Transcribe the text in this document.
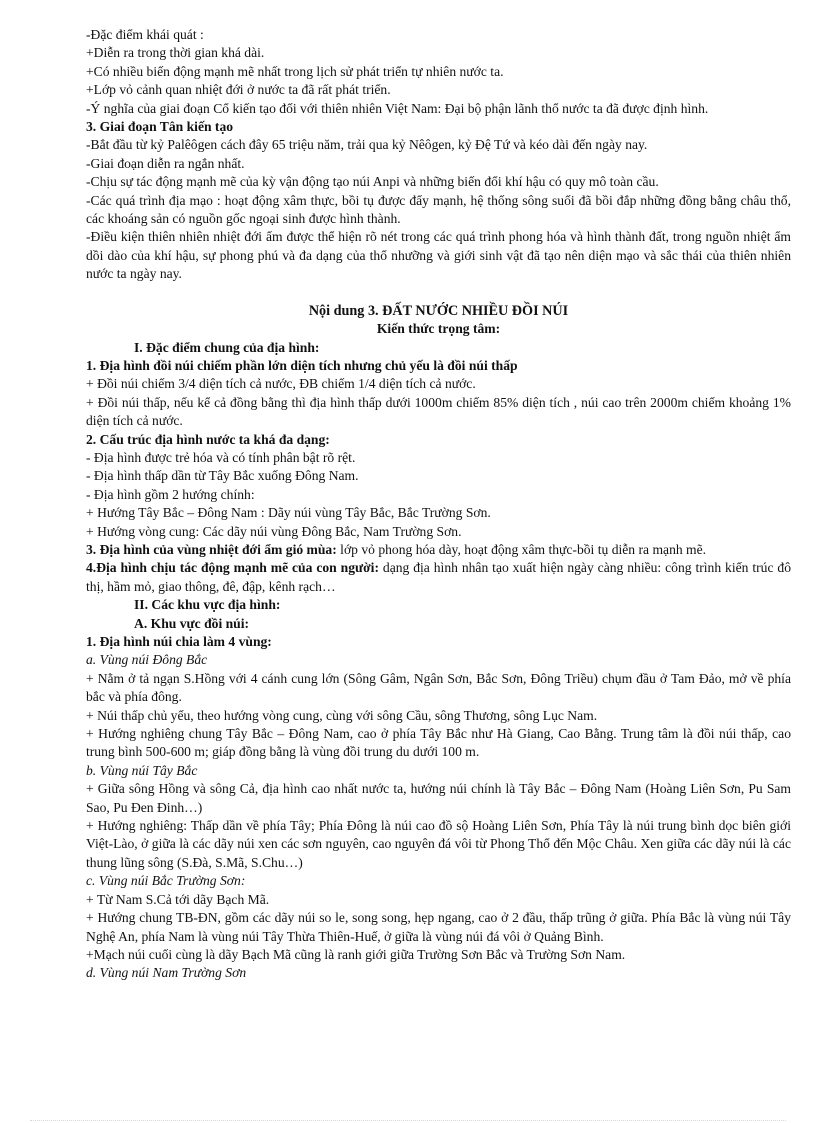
-Đặc điểm khái quát :

+Diễn ra trong thời gian khá dài.

+Có nhiều biến động mạnh mẽ nhất trong lịch sử phát triển tự nhiên nước ta.

+Lớp vỏ cảnh quan nhiệt đới ở nước ta đã rất phát triển.

-Ý nghĩa của giai đoạn Cổ kiến tạo đối với thiên nhiên Việt Nam: Đại bộ phận lãnh thổ nước ta đã được định hình.

3. Giai đoạn Tân kiến tạo

-Bắt đầu từ kỷ Palêôgen cách đây 65 triệu năm, trải qua kỷ Nêôgen, kỷ Đệ Tứ và kéo dài đến ngày nay.

-Giai đoạn diễn ra ngắn nhất.

-Chịu sự tác động mạnh mẽ của kỳ vận động tạo núi Anpi và những biến đổi khí hậu có quy mô toàn cầu.

-Các quá trình địa mạo : hoạt động xâm thực, bồi tụ được đẩy mạnh, hệ thống sông suối đã bồi đắp những đồng bằng châu thổ, các khoáng sản có nguồn gốc ngoại sinh được hình thành.

-Điều kiện thiên nhiên nhiệt đới ẩm được thể hiện rõ nét trong các quá trình phong hóa và hình thành đất, trong nguồn nhiệt ẩm dồi dào của khí hậu, sự phong phú và đa dạng của thổ nhưỡng và giới sinh vật đã tạo nên diện mạo và sắc thái của thiên nhiên nước ta ngày nay.

Nội dung 3. ĐẤT NƯỚC NHIỀU ĐỒI NÚI

Kiến thức trọng tâm:

I. Đặc điểm chung của địa hình:

1. Địa hình đồi núi chiếm phần lớn diện tích nhưng chủ yếu là đồi núi thấp

+ Đồi núi chiếm 3/4 diện tích cả nước, ĐB chiếm 1/4 diện tích cả nước.

+ Đồi núi thấp, nếu kể cả đồng bằng thì địa hình thấp dưới 1000m chiếm 85% diện tích , núi cao trên 2000m chiếm khoảng 1% diện tích cả nước.

2. Cấu trúc địa hình nước ta khá đa dạng:

- Địa hình được trẻ hóa và có tính phân bật rõ rệt.

- Địa hình thấp dần từ Tây Bắc xuống Đông Nam.

- Địa hình gồm 2 hướng chính:

+ Hướng Tây Bắc – Đông Nam : Dãy núi vùng Tây Bắc, Bắc Trường Sơn.

+ Hướng vòng cung: Các dãy núi vùng Đông Bắc, Nam Trường Sơn.

3. Địa hình của vùng nhiệt đới ẩm gió mùa: lớp vỏ phong hóa dày, hoạt động xâm thực-bồi tụ diễn ra mạnh mẽ.

4.Địa hình chịu tác động mạnh mẽ của con người: dạng địa hình nhân tạo xuất hiện ngày càng nhiều: công trình kiến trúc đô thị, hầm mỏ, giao thông, đê, đập, kênh rạch…

II. Các khu vực địa hình:

A. Khu vực đồi núi:

1. Địa hình núi chia làm 4 vùng:

a. Vùng núi Đông Bắc

+ Nằm ở tả ngạn S.Hồng với 4 cánh cung lớn (Sông Gâm, Ngân Sơn, Bắc Sơn, Đông Triều) chụm đầu ở Tam Đảo, mở về phía bắc và phía đông.

+ Núi thấp chủ yếu, theo hướng vòng cung, cùng với sông Cầu, sông Thương, sông Lục Nam.

+ Hướng nghiêng chung Tây Bắc – Đông Nam, cao ở phía Tây Bắc như Hà Giang, Cao Bằng. Trung tâm là đồi núi thấp, cao trung bình 500-600 m; giáp đồng bằng là vùng đồi trung du dưới 100 m.

b. Vùng núi Tây Bắc

+ Giữa sông Hồng và sông Cả, địa hình cao nhất nước ta, hướng núi chính là Tây Bắc – Đông Nam (Hoàng Liên Sơn, Pu Sam Sao, Pu Đen Đinh…)

+ Hướng nghiêng: Thấp dần về phía Tây; Phía Đông là núi cao đồ sộ Hoàng Liên Sơn, Phía Tây là núi trung bình dọc biên giới Việt-Lào, ở giữa là các dãy núi xen các sơn nguyên, cao nguyên đá vôi từ Phong Thổ đến Mộc Châu. Xen giữa các dãy núi là các thung lũng sông (S.Đà, S.Mã, S.Chu…)

c. Vùng núi Bắc Trường Sơn:

+ Từ Nam S.Cả tới dãy Bạch Mã.

+ Hướng chung TB-ĐN, gồm các dãy núi so le, song song, hẹp ngang, cao ở 2 đầu, thấp trũng ở giữa. Phía Bắc là vùng núi Tây Nghệ An, phía Nam là vùng núi Tây Thừa Thiên-Huế, ở giữa là vùng núi đá vôi ở Quảng Bình.

+Mạch núi cuối cùng là dãy Bạch Mã cũng là ranh giới giữa Trường Sơn Bắc và Trường Sơn Nam.

d. Vùng núi Nam Trường Sơn
